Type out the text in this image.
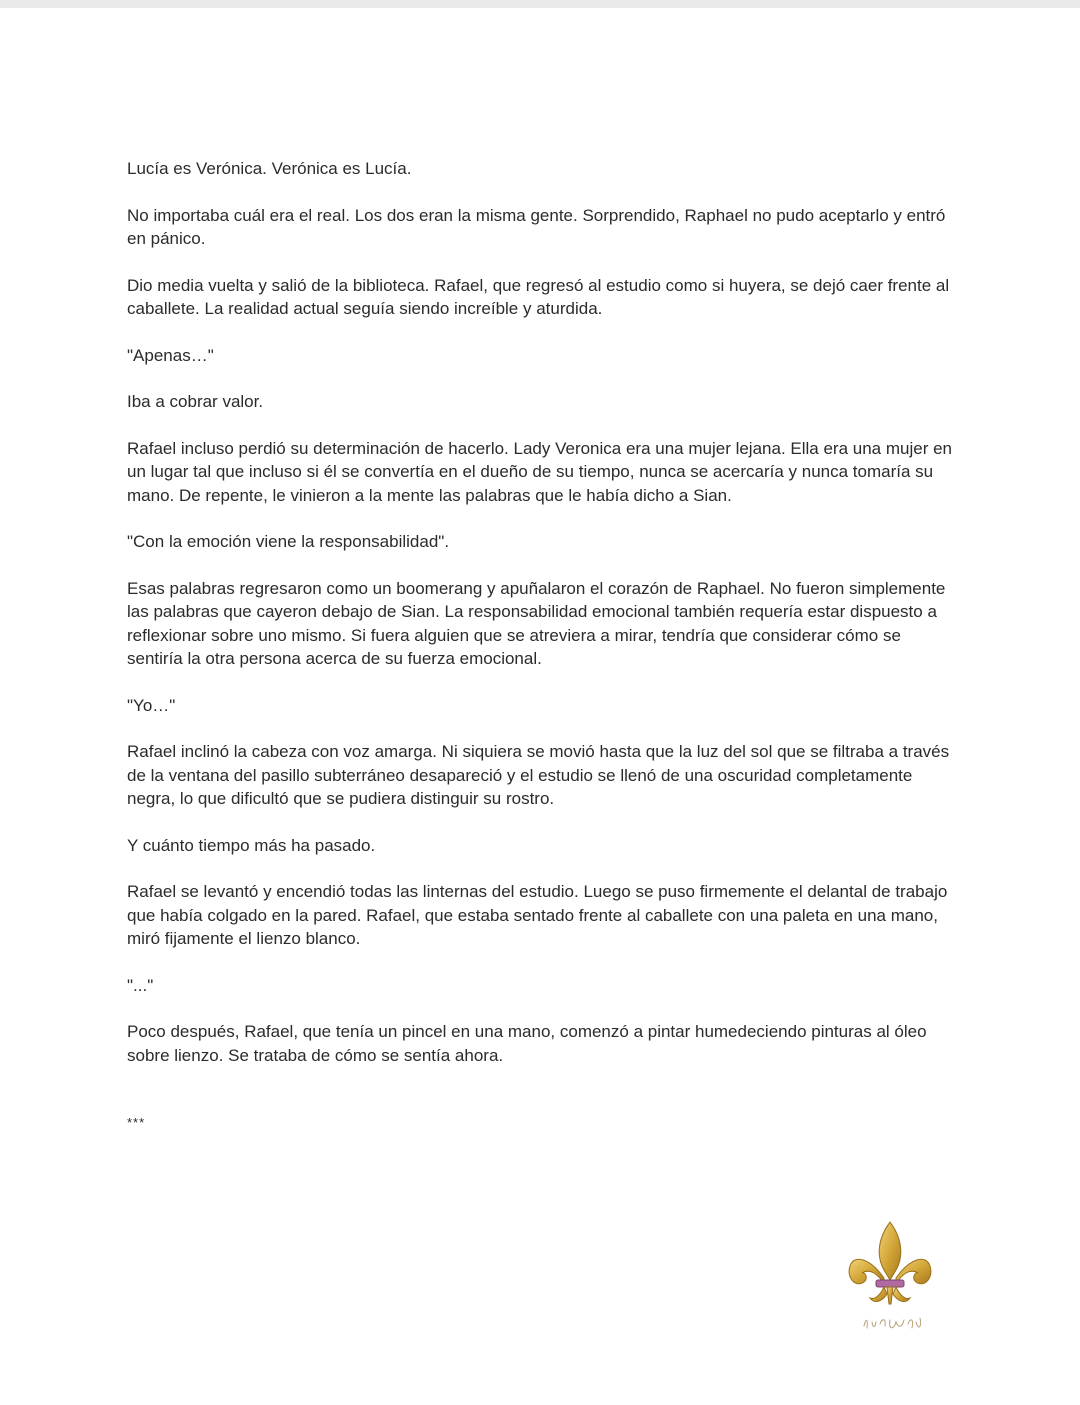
Lucía es Verónica. Verónica es Lucía.

No importaba cuál era el real. Los dos eran la misma gente. Sorprendido, Raphael no pudo aceptarlo y entró en pánico.

Dio media vuelta y salió de la biblioteca. Rafael, que regresó al estudio como si huyera, se dejó caer frente al caballete. La realidad actual seguía siendo increíble y aturdida.

"Apenas…"

Iba a cobrar valor.

Rafael incluso perdió su determinación de hacerlo. Lady Veronica era una mujer lejana. Ella era una mujer en un lugar tal que incluso si él se convertía en el dueño de su tiempo, nunca se acercaría y nunca tomaría su mano. De repente, le vinieron a la mente las palabras que le había dicho a Sian.

"Con la emoción viene la responsabilidad".

Esas palabras regresaron como un boomerang y apuñalaron el corazón de Raphael. No fueron simplemente las palabras que cayeron debajo de Sian. La responsabilidad emocional también requería estar dispuesto a reflexionar sobre uno mismo. Si fuera alguien que se atreviera a mirar, tendría que considerar cómo se sentiría la otra persona acerca de su fuerza emocional.

"Yo…"

Rafael inclinó la cabeza con voz amarga. Ni siquiera se movió hasta que la luz del sol que se filtraba a través de la ventana del pasillo subterráneo desapareció y el estudio se llenó de una oscuridad completamente negra, lo que dificultó que se pudiera distinguir su rostro.

Y cuánto tiempo más ha pasado.

Rafael se levantó y encendió todas las linternas del estudio. Luego se puso firmemente el delantal de trabajo que había colgado en la pared. Rafael, que estaba sentado frente al caballete con una paleta en una mano, miró fijamente el lienzo blanco.

"..."

Poco después, Rafael, que tenía un pincel en una mano, comenzó a pintar humedeciendo pinturas al óleo sobre lienzo. Se trataba de cómo se sentía ahora.

***
